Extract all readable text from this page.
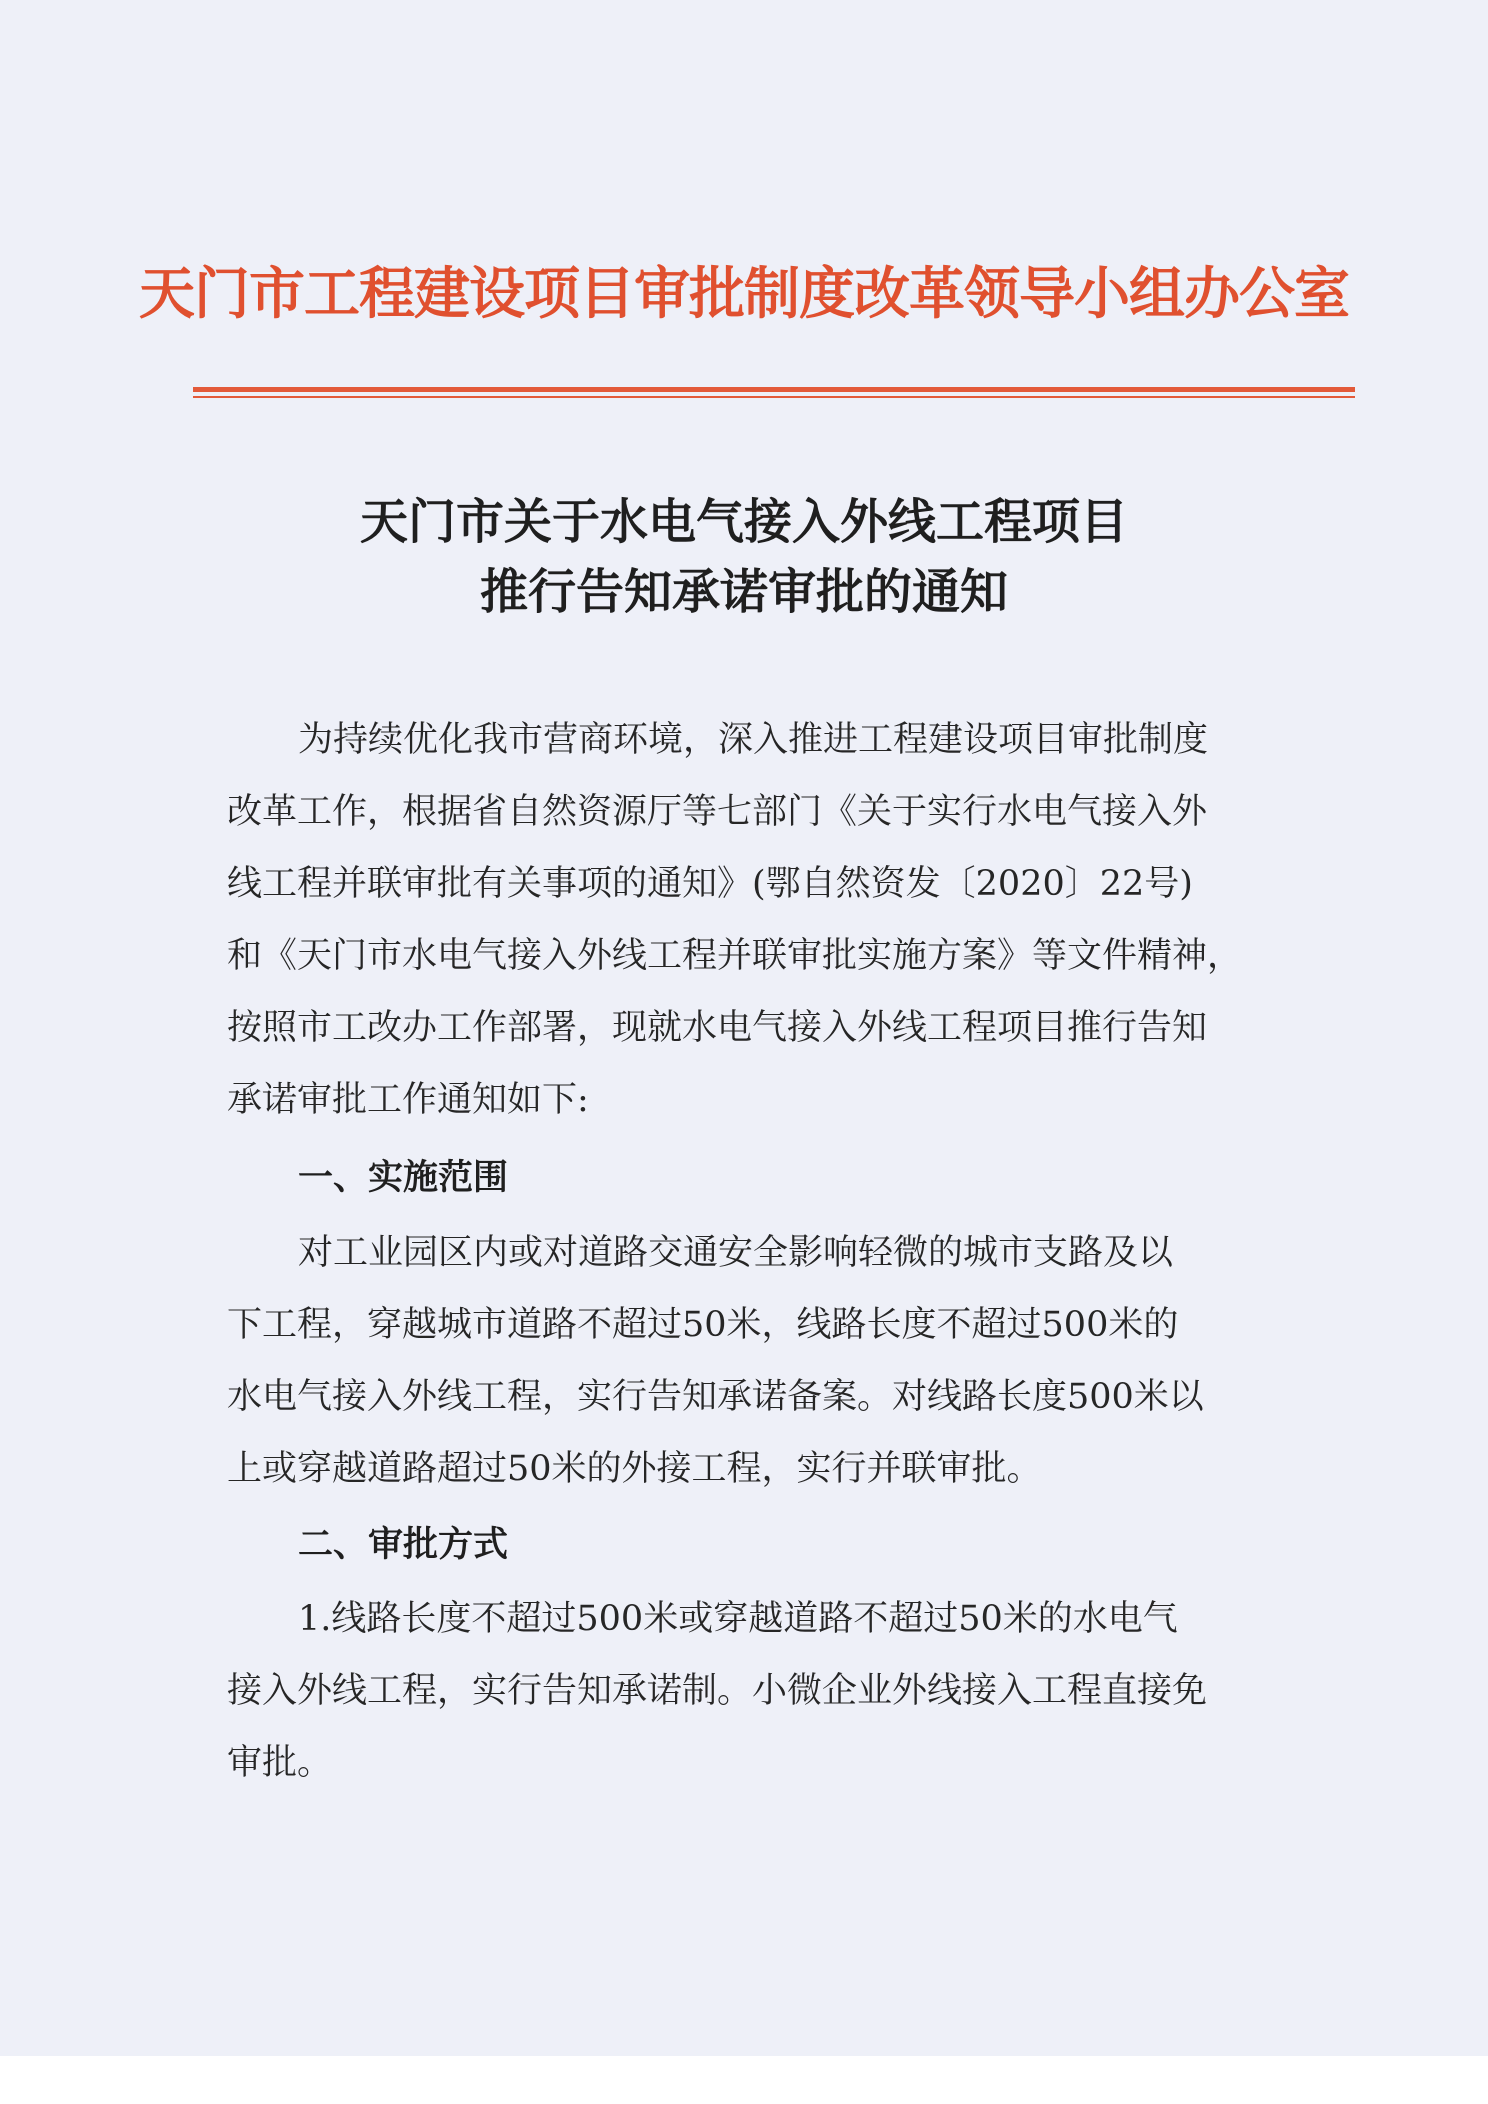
天门市工程建设项目审批制度改革领导小组办公室
天门市关于水电气接入外线工程项目
推行告知承诺审批的通知
为持续优化我市营商环境，深入推进工程建设项目审批制度
改革工作，根据省自然资源厅等七部门《关于实行水电气接入外
线工程并联审批有关事项的通知》(鄂自然资发〔2020〕22号)
和《天门市水电气接入外线工程并联审批实施方案》等文件精神，
按照市工改办工作部署，现就水电气接入外线工程项目推行告知
承诺审批工作通知如下:
一、实施范围
对工业园区内或对道路交通安全影响轻微的城市支路及以
下工程，穿越城市道路不超过50米，线路长度不超过500米的
水电气接入外线工程，实行告知承诺备案。对线路长度500米以
上或穿越道路超过50米的外接工程，实行并联审批。
二、审批方式
1.线路长度不超过500米或穿越道路不超过50米的水电气
接入外线工程，实行告知承诺制。小微企业外线接入工程直接免
审批。
